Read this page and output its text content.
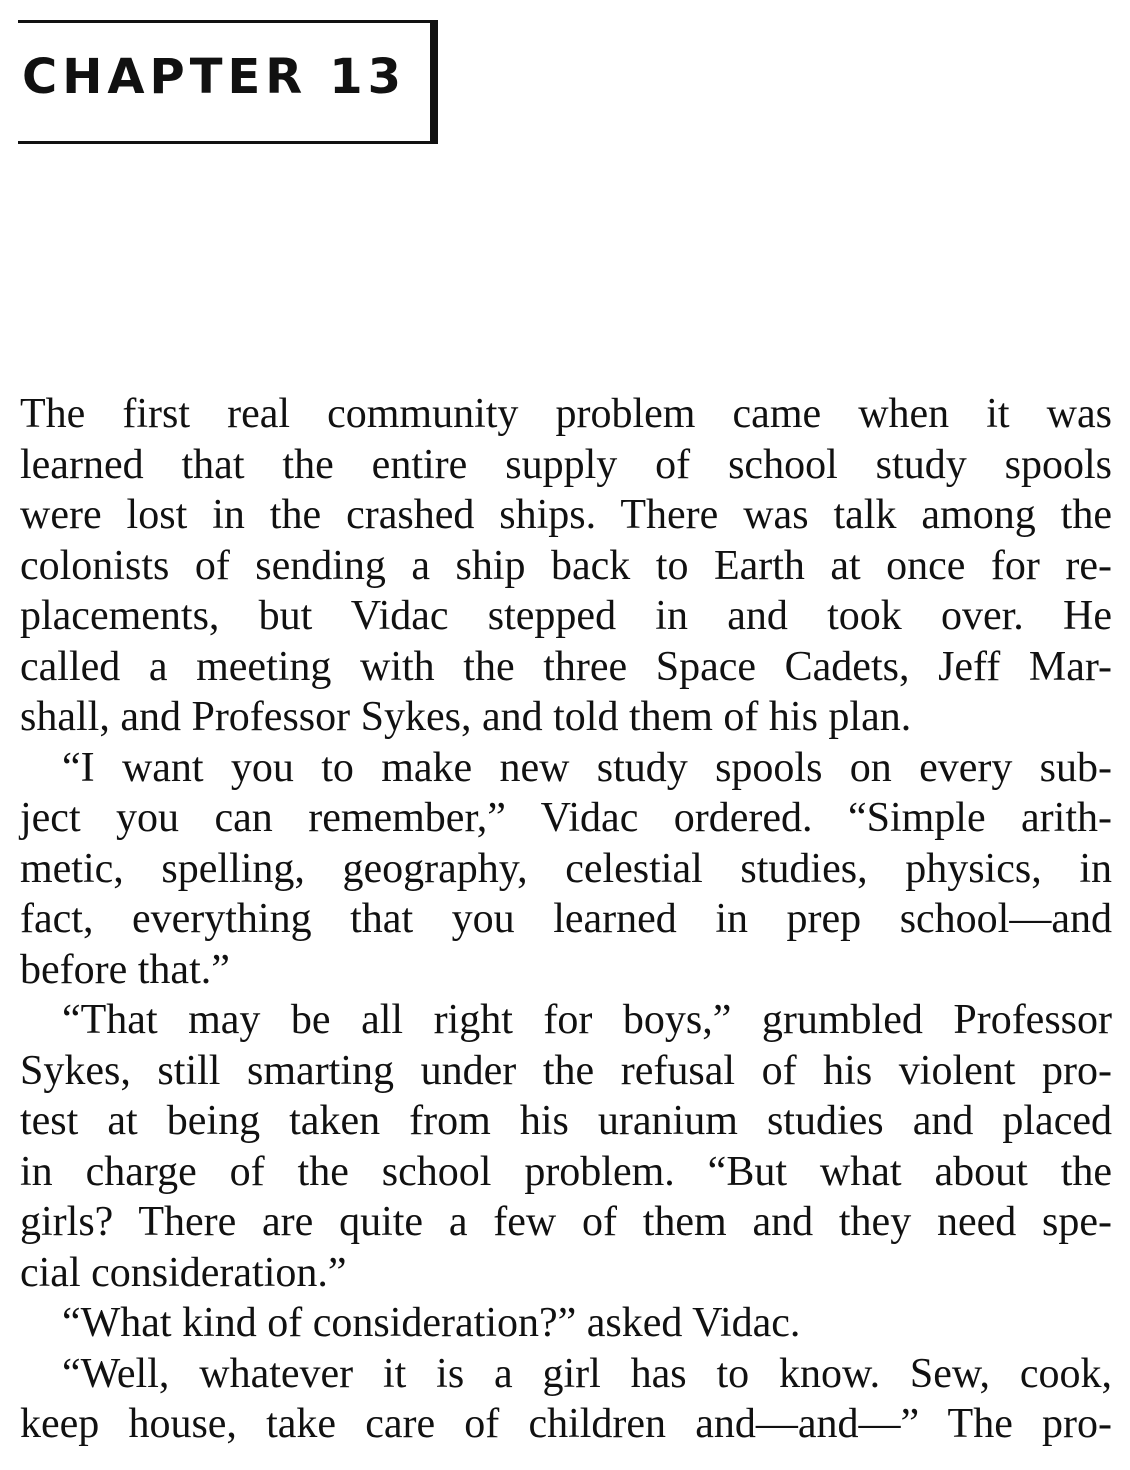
CHAPTER 13
The first real community problem came when it was
learned that the entire supply of school study spools
were lost in the crashed ships. There was talk among the
colonists of sending a ship back to Earth at once for re-
placements, but Vidac stepped in and took over. He
called a meeting with the three Space Cadets, Jeff Mar-
shall, and Professor Sykes, and told them of his plan.
“I want you to make new study spools on every sub-
ject you can remember,” Vidac ordered. “Simple arith-
metic, spelling, geography, celestial studies, physics, in
fact, everything that you learned in prep school—and
before that.”
“That may be all right for boys,” grumbled Professor
Sykes, still smarting under the refusal of his violent pro-
test at being taken from his uranium studies and placed
in charge of the school problem. “But what about the
girls? There are quite a few of them and they need spe-
cial consideration.”
“What kind of consideration?” asked Vidac.
“Well, whatever it is a girl has to know. Sew, cook,
keep house, take care of children and—and—” The pro-
